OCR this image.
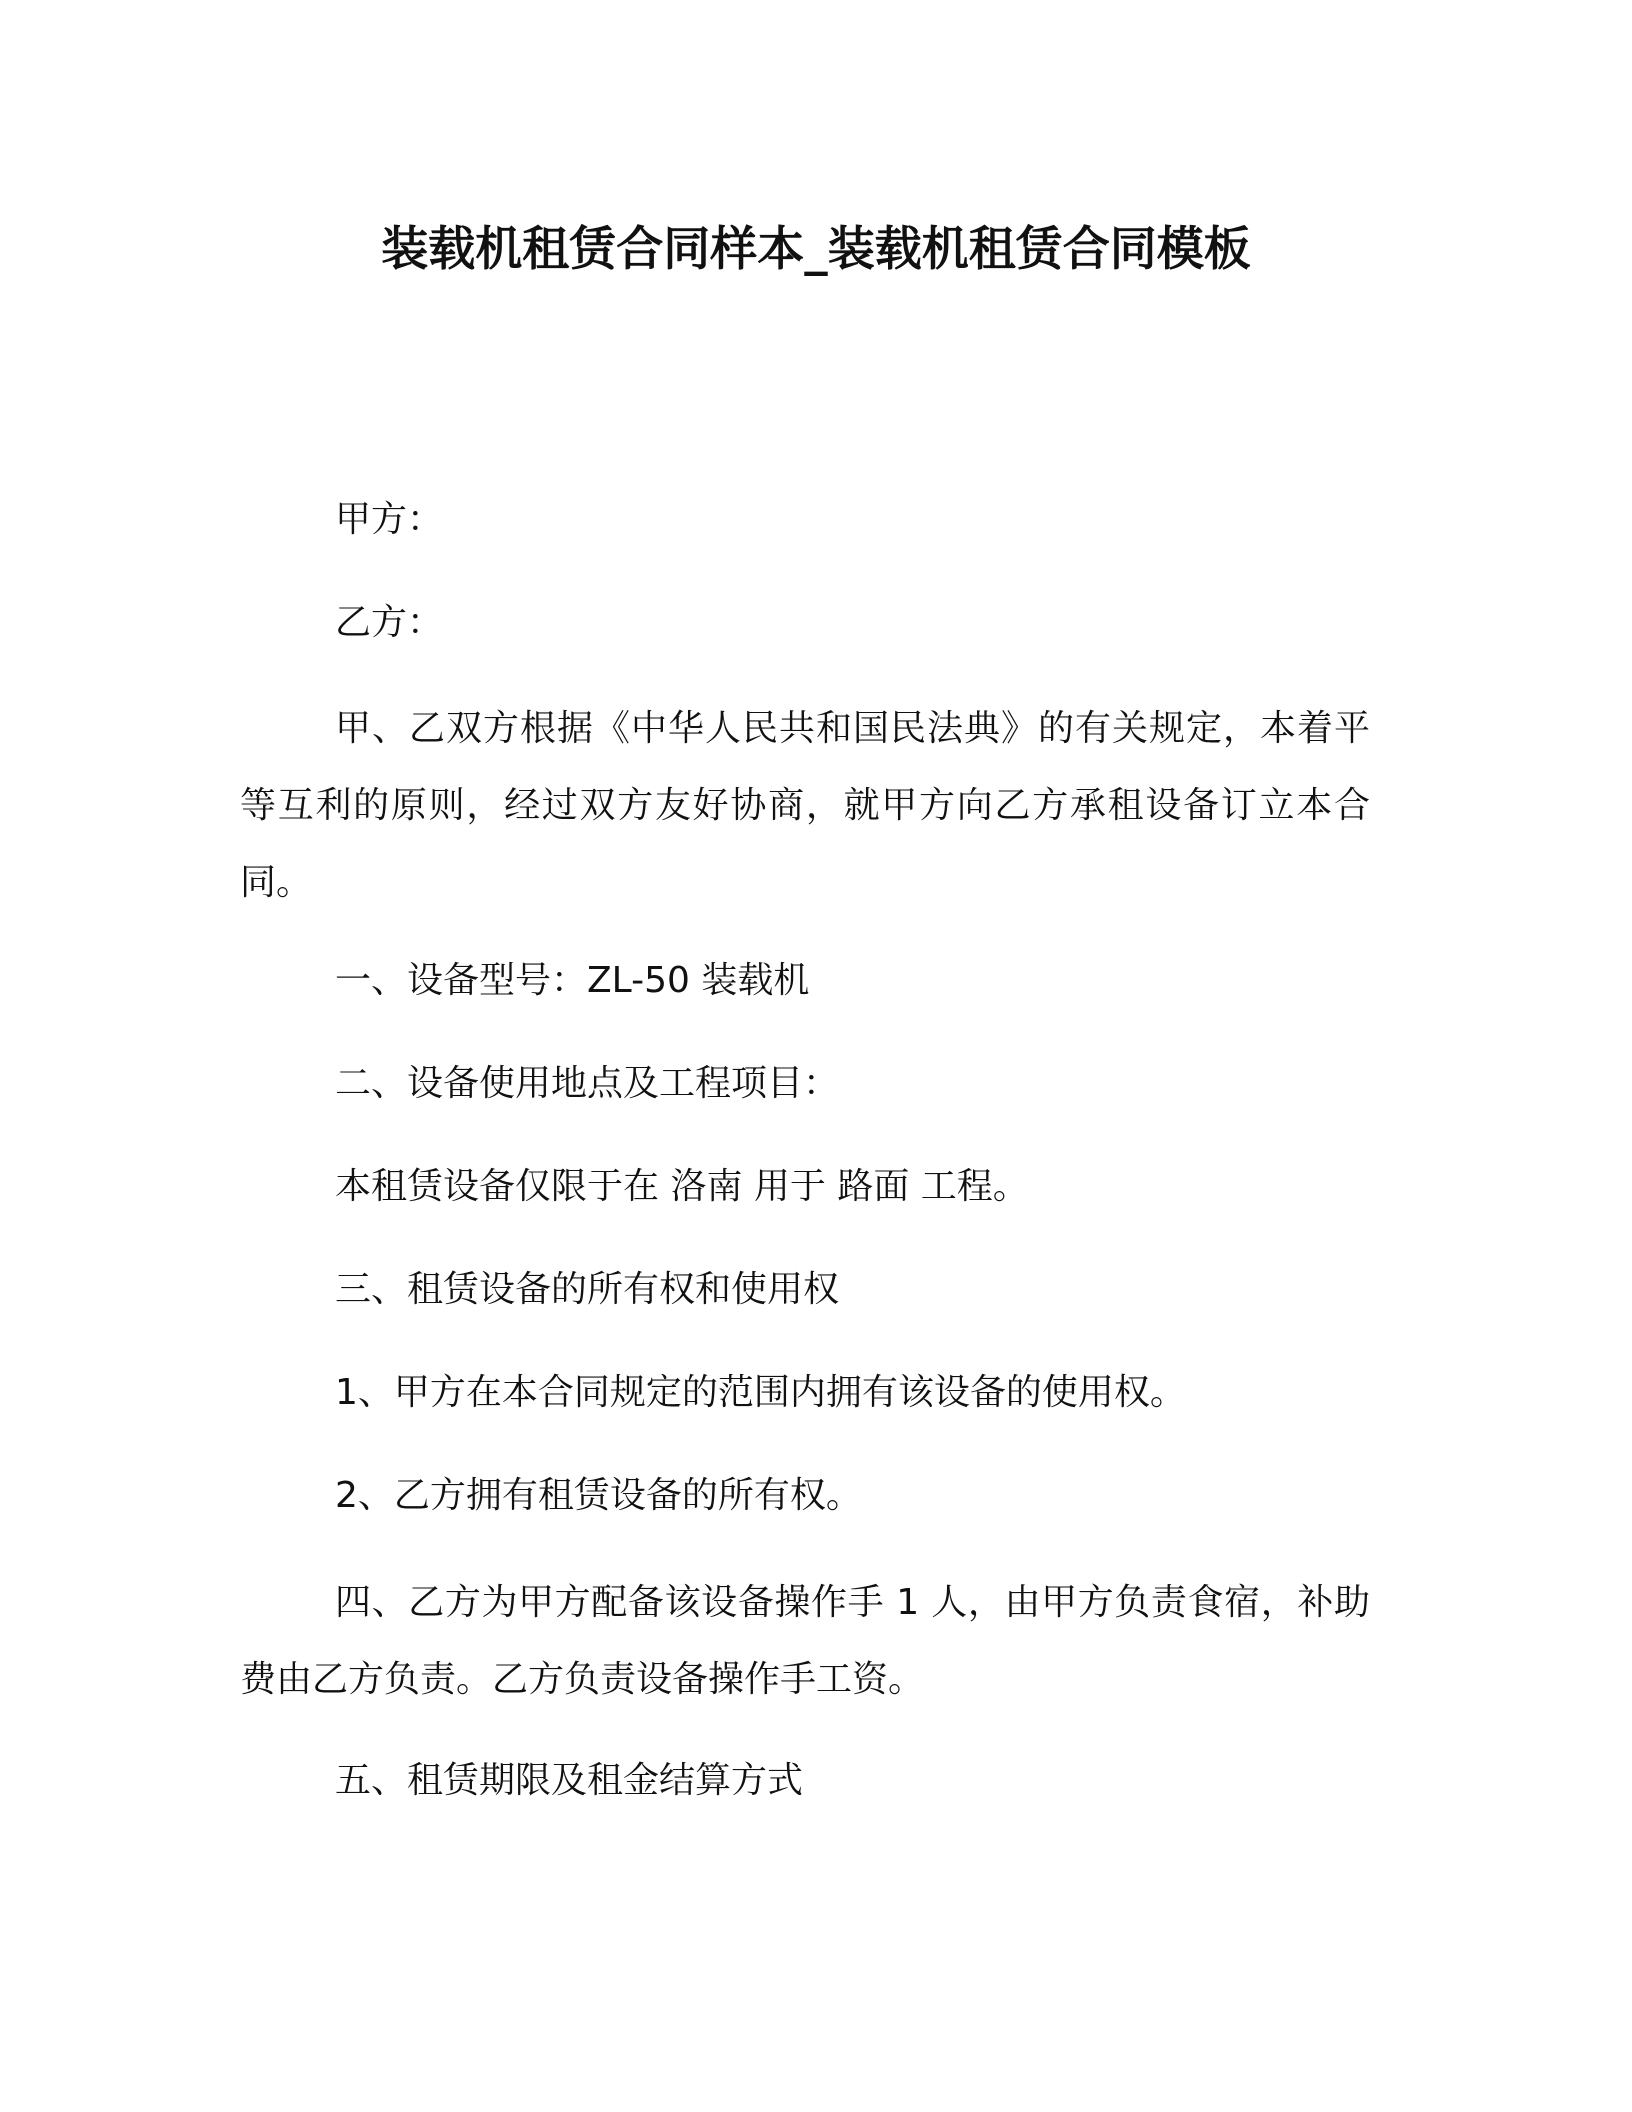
装载机租赁合同样本_装载机租赁合同模板
甲方：
乙方：
甲、乙双方根据《中华人民共和国民法典》的有关规定，本着平等互利的原则，经过双方友好协商，就甲方向乙方承租设备订立本合同。
一、设备型号：ZL-50 装载机
二、设备使用地点及工程项目：
本租赁设备仅限于在 洛南 用于 路面 工程。
三、租赁设备的所有权和使用权
1、甲方在本合同规定的范围内拥有该设备的使用权。
2、乙方拥有租赁设备的所有权。
四、乙方为甲方配备该设备操作手 1 人，由甲方负责食宿，补助费由乙方负责。乙方负责设备操作手工资。
五、租赁期限及租金结算方式
